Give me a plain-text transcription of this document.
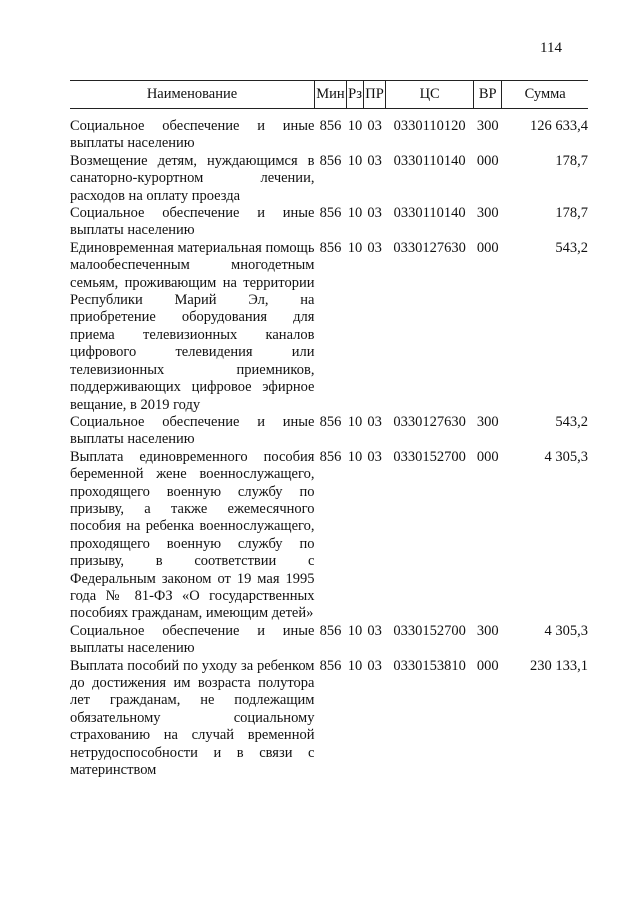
114
Наименование	Мин	Рз	ПР	ЦС	ВР	Сумма

Социальное обеспечение и иные выплаты населению	856	10	03	0330110120	300	126 633,4
Возмещение детям, нуждающимся в санаторно-курортном лечении, расходов на оплату проезда	856	10	03	0330110140	000	178,7
Социальное обеспечение и иные выплаты населению	856	10	03	0330110140	300	178,7
Единовременная материальная помощь малообеспеченным многодетным семьям, проживающим на территории Республики Марий Эл, на приобретение оборудования для приема телевизионных каналов цифрового телевидения или телевизионных приемников, поддерживающих цифровое эфирное вещание, в 2019 году	856	10	03	0330127630	000	543,2
Социальное обеспечение и иные выплаты населению	856	10	03	0330127630	300	543,2
Выплата единовременного пособия беременной жене военнослужащего, проходящего военную службу по призыву, а также ежемесячного пособия на ребенка военнослужащего, проходящего военную службу по призыву, в соответствии с Федеральным законом от 19 мая 1995 года № 81-ФЗ «О государственных пособиях гражданам, имеющим детей»	856	10	03	0330152700	000	4 305,3
Социальное обеспечение и иные выплаты населению	856	10	03	0330152700	300	4 305,3
Выплата пособий по уходу за ребенком до достижения им возраста полутора лет гражданам, не подлежащим обязательному социальному страхованию на случай временной нетрудоспособности и в связи с материнством	856	10	03	0330153810	000	230 133,1
